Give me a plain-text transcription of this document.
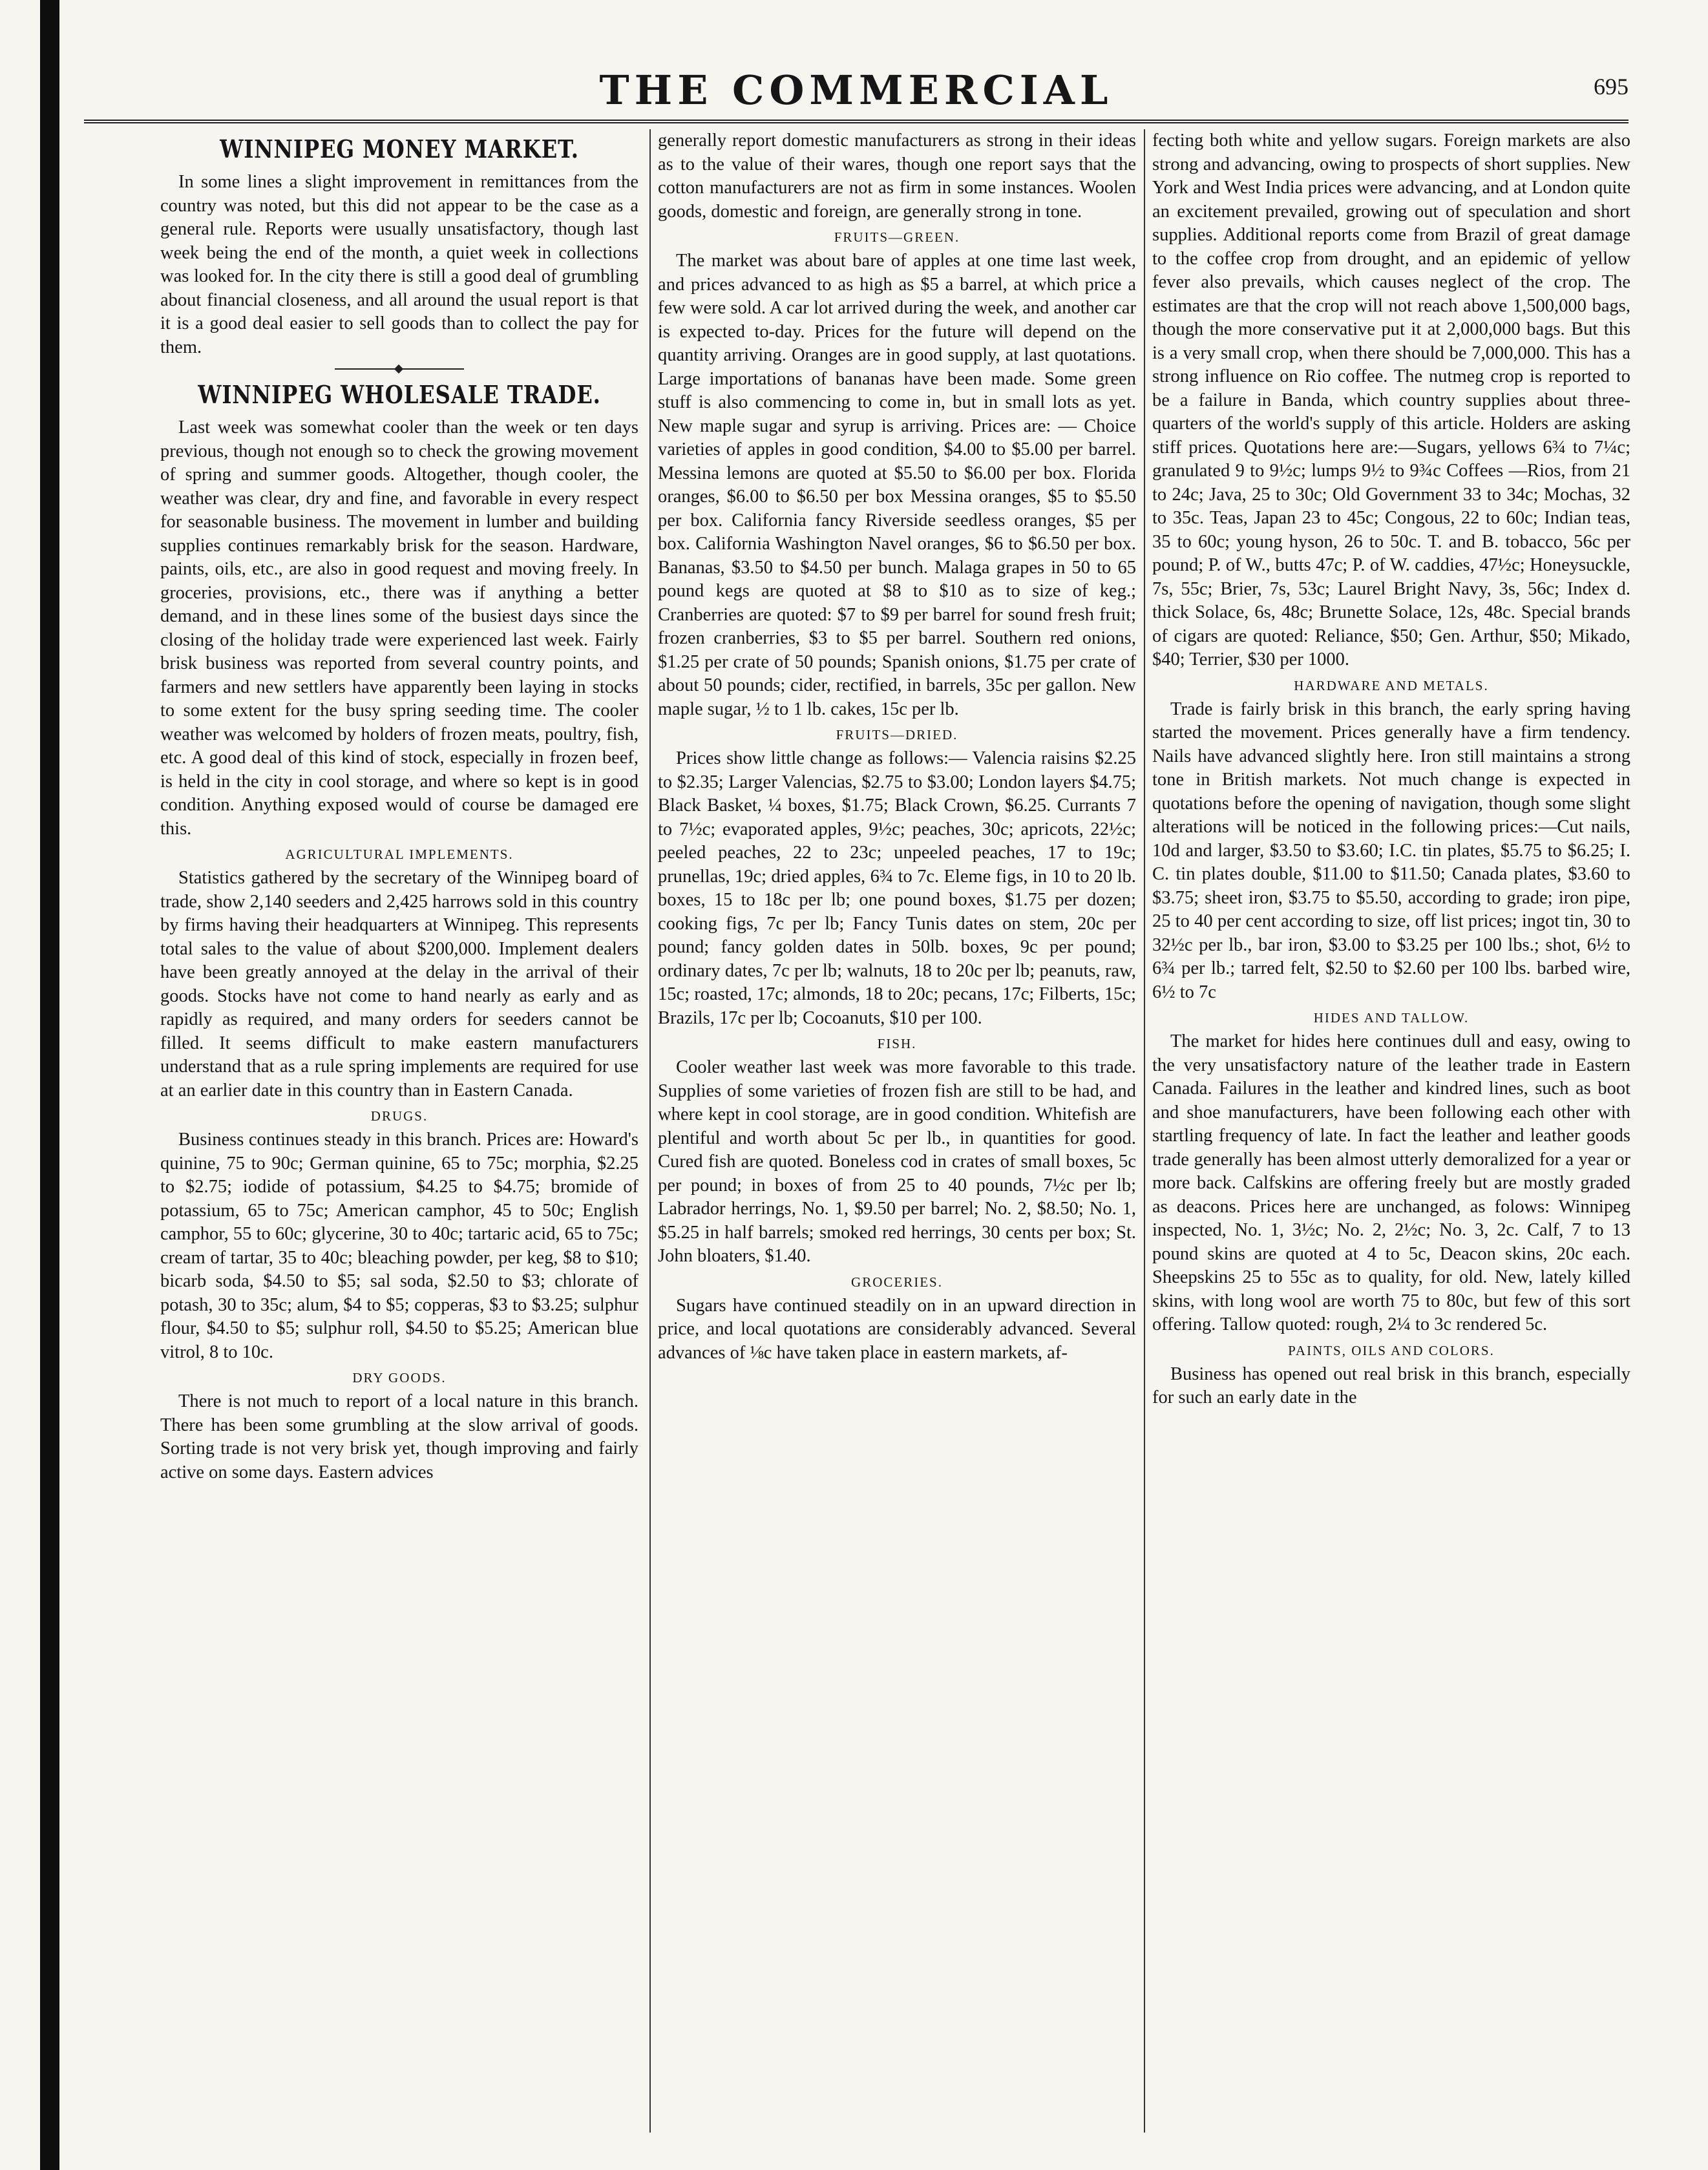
THE COMMERCIAL	695
WINNIPEG MONEY MARKET.

In some lines a slight improvement in remittances from the country was noted, but this did not appear to be the case as a general rule. Reports were usually unsatisfactory, though last week being the end of the month, a quiet week in collections was looked for. In the city there is still a good deal of grumbling about financial closeness, and all around the usual report is that it is a good deal easier to sell goods than to collect the pay for them.

WINNIPEG WHOLESALE TRADE.

Last week was somewhat cooler than the week or ten days previous, though not enough so to check the growing movement of spring and summer goods. Altogether, though cooler, the weather was clear, dry and fine, and favorable in every respect for seasonable business. The movement in lumber and building supplies continues remarkably brisk for the season. Hardware, paints, oils, etc., are also in good request and moving freely. In groceries, provisions, etc., there was if anything a better demand, and in these lines some of the busiest days since the closing of the holiday trade were experienced last week. Fairly brisk business was reported from several country points, and farmers and new settlers have apparently been laying in stocks to some extent for the busy spring seeding time. The cooler weather was welcomed by holders of frozen meats, poultry, fish, etc. A good deal of this kind of stock, especially in frozen beef, is held in the city in cool storage, and where so kept is in good condition. Anything exposed would of course be damaged ere this.

AGRICULTURAL IMPLEMENTS.

Statistics gathered by the secretary of the Winnipeg board of trade, show 2,140 seeders and 2,425 harrows sold in this country by firms having their headquarters at Winnipeg. This represents total sales to the value of about $200,000. Implement dealers have been greatly annoyed at the delay in the arrival of their goods. Stocks have not come to hand nearly as early and as rapidly as required, and many orders for seeders cannot be filled. It seems difficult to make eastern manufacturers understand that as a rule spring implements are required for use at an earlier date in this country than in Eastern Canada.

DRUGS.

Business continues steady in this branch. Prices are: Howard's quinine, 75 to 90c; German quinine, 65 to 75c; morphia, $2.25 to $2.75; iodide of potassium, $4.25 to $4.75; bromide of potassium, 65 to 75c; American camphor, 45 to 50c; English camphor, 55 to 60c; glycerine, 30 to 40c; tartaric acid, 65 to 75c; cream of tartar, 35 to 40c; bleaching powder, per keg, $8 to $10; bicarb soda, $4.50 to $5; sal soda, $2.50 to $3; chlorate of potash, 30 to 35c; alum, $4 to $5; copperas, $3 to $3.25; sulphur flour, $4.50 to $5; sulphur roll, $4.50 to $5.25; American blue vitrol, 8 to 10c.

DRY GOODS.

There is not much to report of a local nature in this branch. There has been some grumbling at the slow arrival of goods. Sorting trade is not very brisk yet, though improving and fairly active on some days. Eastern advices

generally report domestic manufacturers as strong in their ideas as to the value of their wares, though one report says that the cotton manufacturers are not as firm in some instances. Woolen goods, domestic and foreign, are generally strong in tone.

FRUITS—GREEN.

The market was about bare of apples at one time last week, and prices advanced to as high as $5 a barrel, at which price a few were sold. A car lot arrived during the week, and another car is expected to-day. Prices for the future will depend on the quantity arriving. Oranges are in good supply, at last quotations. Large importations of bananas have been made. Some green stuff is also commencing to come in, but in small lots as yet. New maple sugar and syrup is arriving. Prices are: — Choice varieties of apples in good condition, $4.00 to $5.00 per barrel. Messina lemons are quoted at $5.50 to $6.00 per box. Florida oranges, $6.00 to $6.50 per box Messina oranges, $5 to $5.50 per box. California fancy Riverside seedless oranges, $5 per box. California Washington Navel oranges, $6 to $6.50 per box. Bananas, $3.50 to $4.50 per bunch. Malaga grapes in 50 to 65 pound kegs are quoted at $8 to $10 as to size of keg.; Cranberries are quoted: $7 to $9 per barrel for sound fresh fruit; frozen cranberries, $3 to $5 per barrel. Southern red onions, $1.25 per crate of 50 pounds; Spanish onions, $1.75 per crate of about 50 pounds; cider, rectified, in barrels, 35c per gallon. New maple sugar, ½ to 1 lb. cakes, 15c per lb.

FRUITS—DRIED.

Prices show little change as follows:— Valencia raisins $2.25 to $2.35; Larger Valencias, $2.75 to $3.00; London layers $4.75; Black Basket, ¼ boxes, $1.75; Black Crown, $6.25. Currants 7 to 7½c; evaporated apples, 9½c; peaches, 30c; apricots, 22½c; peeled peaches, 22 to 23c; unpeeled peaches, 17 to 19c; prunellas, 19c; dried apples, 6¾ to 7c. Eleme figs, in 10 to 20 lb. boxes, 15 to 18c per lb; one pound boxes, $1.75 per dozen; cooking figs, 7c per lb; Fancy Tunis dates on stem, 20c per pound; fancy golden dates in 50lb. boxes, 9c per pound; ordinary dates, 7c per lb; walnuts, 18 to 20c per lb; peanuts, raw, 15c; roasted, 17c; almonds, 18 to 20c; pecans, 17c; Filberts, 15c; Brazils, 17c per lb; Cocoanuts, $10 per 100.

FISH.

Cooler weather last week was more favorable to this trade. Supplies of some varieties of frozen fish are still to be had, and where kept in cool storage, are in good condition. Whitefish are plentiful and worth about 5c per lb., in quantities for good. Cured fish are quoted. Boneless cod in crates of small boxes, 5c per pound; in boxes of from 25 to 40 pounds, 7½c per lb; Labrador herrings, No. 1, $9.50 per barrel; No. 2, $8.50; No. 1, $5.25 in half barrels; smoked red herrings, 30 cents per box; St. John bloaters, $1.40.

GROCERIES.

Sugars have continued steadily on in an upward direction in price, and local quotations are considerably advanced. Several advances of ⅛c have taken place in eastern markets, af-

fecting both white and yellow sugars. Foreign markets are also strong and advancing, owing to prospects of short supplies. New York and West India prices were advancing, and at London quite an excitement prevailed, growing out of speculation and short supplies. Additional reports come from Brazil of great damage to the coffee crop from drought, and an epidemic of yellow fever also prevails, which causes neglect of the crop. The estimates are that the crop will not reach above 1,500,000 bags, though the more conservative put it at 2,000,000 bags. But this is a very small crop, when there should be 7,000,000. This has a strong influence on Rio coffee. The nutmeg crop is reported to be a failure in Banda, which country supplies about three-quarters of the world's supply of this article. Holders are asking stiff prices. Quotations here are:—Sugars, yellows 6¾ to 7¼c; granulated 9 to 9½c; lumps 9½ to 9¾c Coffees —Rios, from 21 to 24c; Java, 25 to 30c; Old Government 33 to 34c; Mochas, 32 to 35c. Teas, Japan 23 to 45c; Congous, 22 to 60c; Indian teas, 35 to 60c; young hyson, 26 to 50c. T. and B. tobacco, 56c per pound; P. of W., butts 47c; P. of W. caddies, 47½c; Honeysuckle, 7s, 55c; Brier, 7s, 53c; Laurel Bright Navy, 3s, 56c; Index d. thick Solace, 6s, 48c; Brunette Solace, 12s, 48c. Special brands of cigars are quoted: Reliance, $50; Gen. Arthur, $50; Mikado, $40; Terrier, $30 per 1000.

HARDWARE AND METALS.

Trade is fairly brisk in this branch, the early spring having started the movement. Prices generally have a firm tendency. Nails have advanced slightly here. Iron still maintains a strong tone in British markets. Not much change is expected in quotations before the opening of navigation, though some slight alterations will be noticed in the following prices:—Cut nails, 10d and larger, $3.50 to $3.60; I.C. tin plates, $5.75 to $6.25; I. C. tin plates double, $11.00 to $11.50; Canada plates, $3.60 to $3.75; sheet iron, $3.75 to $5.50, according to grade; iron pipe, 25 to 40 per cent according to size, off list prices; ingot tin, 30 to 32½c per lb., bar iron, $3.00 to $3.25 per 100 lbs.; shot, 6½ to 6¾ per lb.; tarred felt, $2.50 to $2.60 per 100 lbs. barbed wire, 6½ to 7c

HIDES AND TALLOW.

The market for hides here continues dull and easy, owing to the very unsatisfactory nature of the leather trade in Eastern Canada. Failures in the leather and kindred lines, such as boot and shoe manufacturers, have been following each other with startling frequency of late. In fact the leather and leather goods trade generally has been almost utterly demoralized for a year or more back. Calfskins are offering freely but are mostly graded as deacons. Prices here are unchanged, as folows: Winnipeg inspected, No. 1, 3½c; No. 2, 2½c; No. 3, 2c. Calf, 7 to 13 pound skins are quoted at 4 to 5c, Deacon skins, 20c each. Sheepskins 25 to 55c as to quality, for old. New, lately killed skins, with long wool are worth 75 to 80c, but few of this sort offering. Tallow quoted: rough, 2¼ to 3c rendered 5c.

PAINTS, OILS AND COLORS.

Business has opened out real brisk in this branch, especially for such an early date in the
